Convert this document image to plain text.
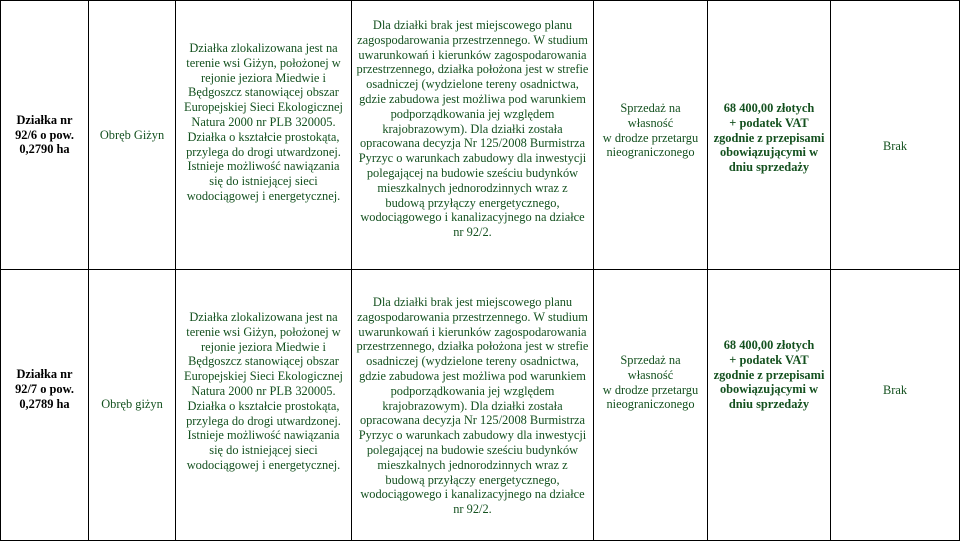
Działka nr
92/6 o pow.
0,2790 ha
Obręb Giżyn
Działka zlokalizowana jest na
terenie wsi Giżyn, położonej w
rejonie jeziora Miedwie i
Będgoszcz stanowiącej obszar
Europejskiej Sieci Ekologicznej
Natura 2000 nr PLB 320005.
Działka o kształcie prostokąta,
przylega do drogi utwardzonej.
Istnieje możliwość nawiązania
się do istniejącej sieci
wodociągowej i energetycznej.
Dla działki brak jest miejscowego planu
zagospodarowania przestrzennego. W studium
uwarunkowań i kierunków zagospodarowania
przestrzennego, działka położona jest w strefie
osadniczej (wydzielone tereny osadnictwa,
gdzie zabudowa jest możliwa pod warunkiem
podporządkowania jej względem
krajobrazowym). Dla działki została
opracowana decyzja Nr 125/2008 Burmistrza
Pyrzyc o warunkach zabudowy dla inwestycji
polegającej na budowie sześciu budynków
mieszkalnych jednorodzinnych wraz z
budową przyłączy energetycznego,
wodociągowego i kanalizacyjnego na działce
nr 92/2.
Sprzedaż na
własność
w drodze przetargu
nieograniczonego
68 400,00 złotych
+ podatek VAT
zgodnie z przepisami
obowiązującymi w
dniu sprzedaży
Brak
Działka nr
92/7 o pow.
0,2789 ha	Obręb giżyn
Działka zlokalizowana jest na
terenie wsi Giżyn, położonej w
rejonie jeziora Miedwie i
Będgoszcz stanowiącej obszar
Europejskiej Sieci Ekologicznej
Natura 2000 nr PLB 320005.
Działka o kształcie prostokąta,
przylega do drogi utwardzonej.
Istnieje możliwość nawiązania
się do istniejącej sieci
wodociągowej i energetycznej.
Dla działki brak jest miejscowego planu
zagospodarowania przestrzennego. W studium
uwarunkowań i kierunków zagospodarowania
przestrzennego, działka położona jest w strefie
osadniczej (wydzielone tereny osadnictwa,
gdzie zabudowa jest możliwa pod warunkiem
podporządkowania jej względem
krajobrazowym). Dla działki została
opracowana decyzja Nr 125/2008 Burmistrza
Pyrzyc o warunkach zabudowy dla inwestycji
polegającej na budowie sześciu budynków
mieszkalnych jednorodzinnych wraz z
budową przyłączy energetycznego,
wodociągowego i kanalizacyjnego na działce
nr 92/2.
Sprzedaż na
własność
w drodze przetargu
nieograniczonego
68 400,00 złotych
+ podatek VAT
zgodnie z przepisami
obowiązującymi w
dniu sprzedaży
Brak
